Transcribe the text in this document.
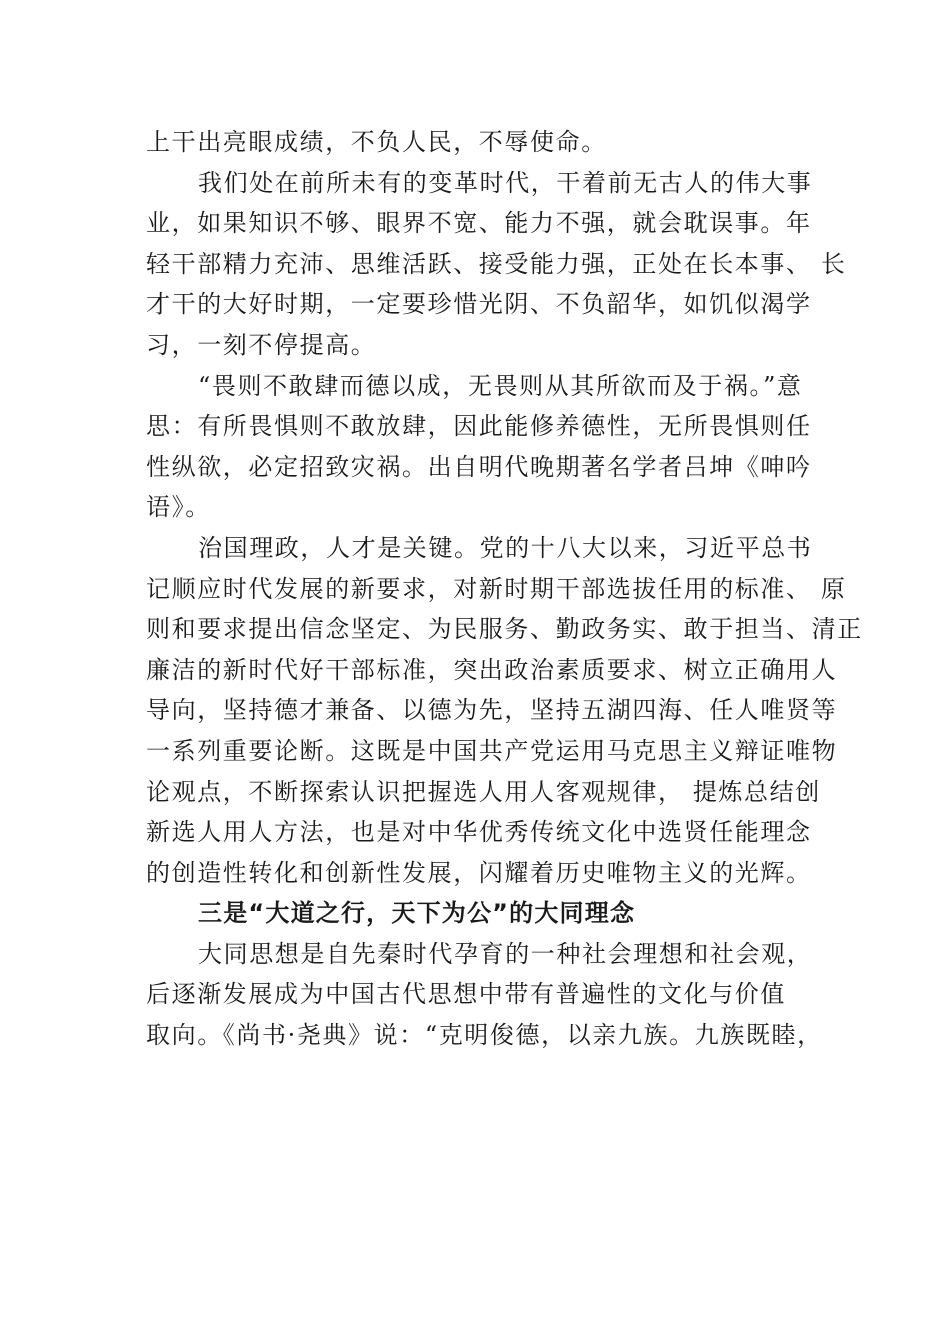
上干出亮眼成绩，不负人民，不辱使命。
我们处在前所未有的变革时代，干着前无古人的伟大事
业，如果知识不够、眼界不宽、能力不强，就会耽误事。年
轻干部精力充沛、思维活跃、接受能力强，正处在长本事、 长
才干的大好时期，一定要珍惜光阴、不负韶华，如饥似渴学
习，一刻不停提高。
“畏则不敢肆而德以成，无畏则从其所欲而及于祸。”意
思：有所畏惧则不敢放肆，因此能修养德性，无所畏惧则任
性纵欲，必定招致灾祸。出自明代晚期著名学者吕坤《呻吟
语》。
治国理政，人才是关键。党的十八大以来，习近平总书
记顺应时代发展的新要求，对新时期干部选拔任用的标准、 原
则和要求提出信念坚定、为民服务、勤政务实、敢于担当、清正
廉洁的新时代好干部标准，突出政治素质要求、树立正确用人
导向，坚持德才兼备、以德为先，坚持五湖四海、任人唯贤等
一系列重要论断。这既是中国共产党运用马克思主义辩证唯物
论观点，不断探索认识把握选人用人客观规律， 提炼总结创
新选人用人方法，也是对中华优秀传统文化中选贤任能理念
的创造性转化和创新性发展，闪耀着历史唯物主义的光辉。
三是“大道之行，天下为公”的大同理念
大同思想是自先秦时代孕育的一种社会理想和社会观，
后逐渐发展成为中国古代思想中带有普遍性的文化与价值
取向。《尚书·尧典》说：“克明俊德，以亲九族。九族既睦，
